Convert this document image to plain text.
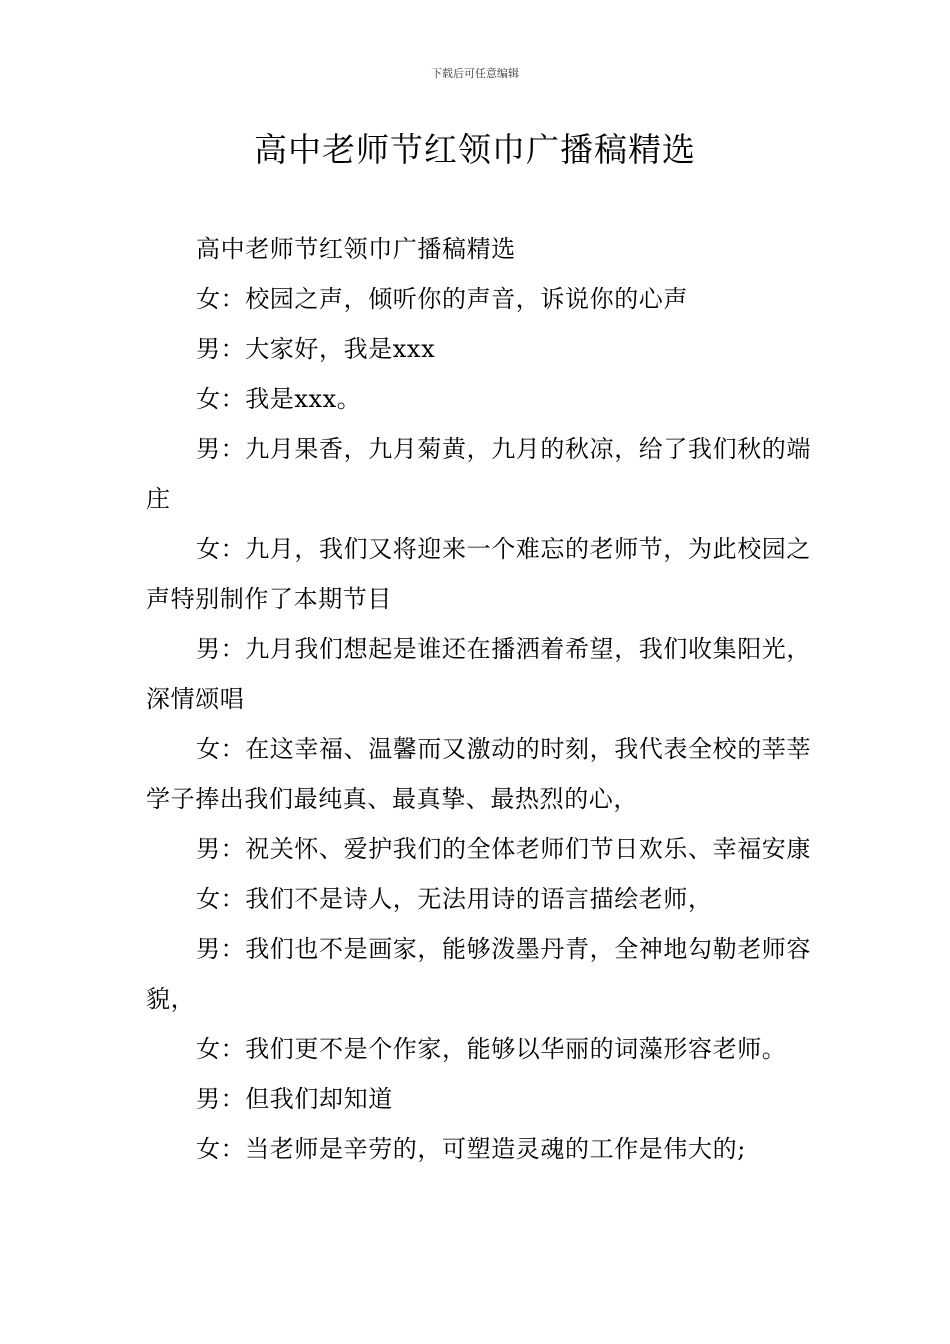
下载后可任意编辑
高中老师节红领巾广播稿精选

高中老师节红领巾广播稿精选

女：校园之声，倾听你的声音，诉说你的心声

男：大家好，我是xxx

女：我是xxx。

男：九月果香，九月菊黄，九月的秋凉，给了我们秋的端庄

女：九月，我们又将迎来一个难忘的老师节，为此校园之声特别制作了本期节目

男：九月我们想起是谁还在播洒着希望，我们收集阳光，深情颂唱

女：在这幸福、温馨而又激动的时刻，我代表全校的莘莘学子捧出我们最纯真、最真挚、最热烈的心，

男：祝关怀、爱护我们的全体老师们节日欢乐、幸福安康

女：我们不是诗人，无法用诗的语言描绘老师，

男：我们也不是画家，能够泼墨丹青，全神地勾勒老师容貌，

女：我们更不是个作家，能够以华丽的词藻形容老师。

男：但我们却知道

女：当老师是辛劳的，可塑造灵魂的工作是伟大的;
